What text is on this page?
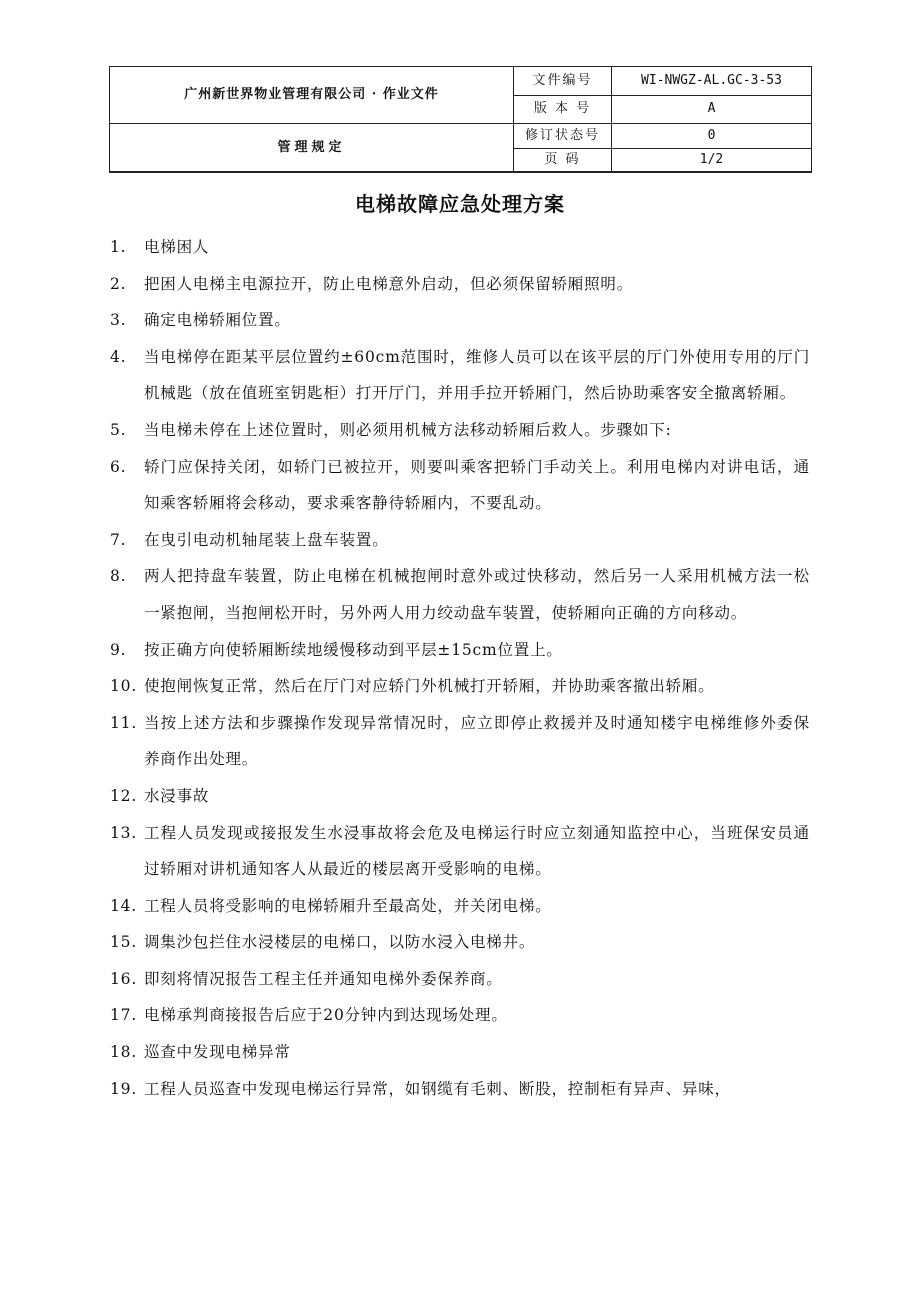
广州新世界物业管理有限公司 · 作业文件	文件编号	WI-NWGZ-AL.GC-3-53
	版 本 号	A
管理规定	修订状态号	0
	页 码	1/2
电梯故障应急处理方案
1.	电梯困人
2.	把困人电梯主电源拉开，防止电梯意外启动，但必须保留轿厢照明。
3.	确定电梯轿厢位置。
4.	当电梯停在距某平层位置约±60cm范围时，维修人员可以在该平层的厅门外使用专用的厅门机械匙（放在值班室钥匙柜）打开厅门，并用手拉开轿厢门，然后协助乘客安全撤离轿厢。
5.	当电梯未停在上述位置时，则必须用机械方法移动轿厢后救人。步骤如下:
6.	轿门应保持关闭，如轿门已被拉开，则要叫乘客把轿门手动关上。利用电梯内对讲电话，通知乘客轿厢将会移动，要求乘客静待轿厢内，不要乱动。
7.	在曳引电动机轴尾装上盘车装置。
8.	两人把持盘车装置，防止电梯在机械抱闸时意外或过快移动，然后另一人采用机械方法一松一紧抱闸，当抱闸松开时，另外两人用力绞动盘车装置，使轿厢向正确的方向移动。
9.	按正确方向使轿厢断续地缓慢移动到平层±15cm位置上。
10. 使抱闸恢复正常，然后在厅门对应轿门外机械打开轿厢，并协助乘客撤出轿厢。
11. 当按上述方法和步骤操作发现异常情况时，应立即停止救援并及时通知楼宇电梯维修外委保养商作出处理。
12. 水浸事故
13. 工程人员发现或接报发生水浸事故将会危及电梯运行时应立刻通知监控中心，当班保安员通过轿厢对讲机通知客人从最近的楼层离开受影响的电梯。
14. 工程人员将受影响的电梯轿厢升至最高处，并关闭电梯。
15. 调集沙包拦住水浸楼层的电梯口，以防水浸入电梯井。
16. 即刻将情况报告工程主任并通知电梯外委保养商。
17. 电梯承判商接报告后应于20分钟内到达现场处理。
18. 巡查中发现电梯异常
19. 工程人员巡查中发现电梯运行异常，如钢缆有毛刺、断股，控制柜有异声、异味，
